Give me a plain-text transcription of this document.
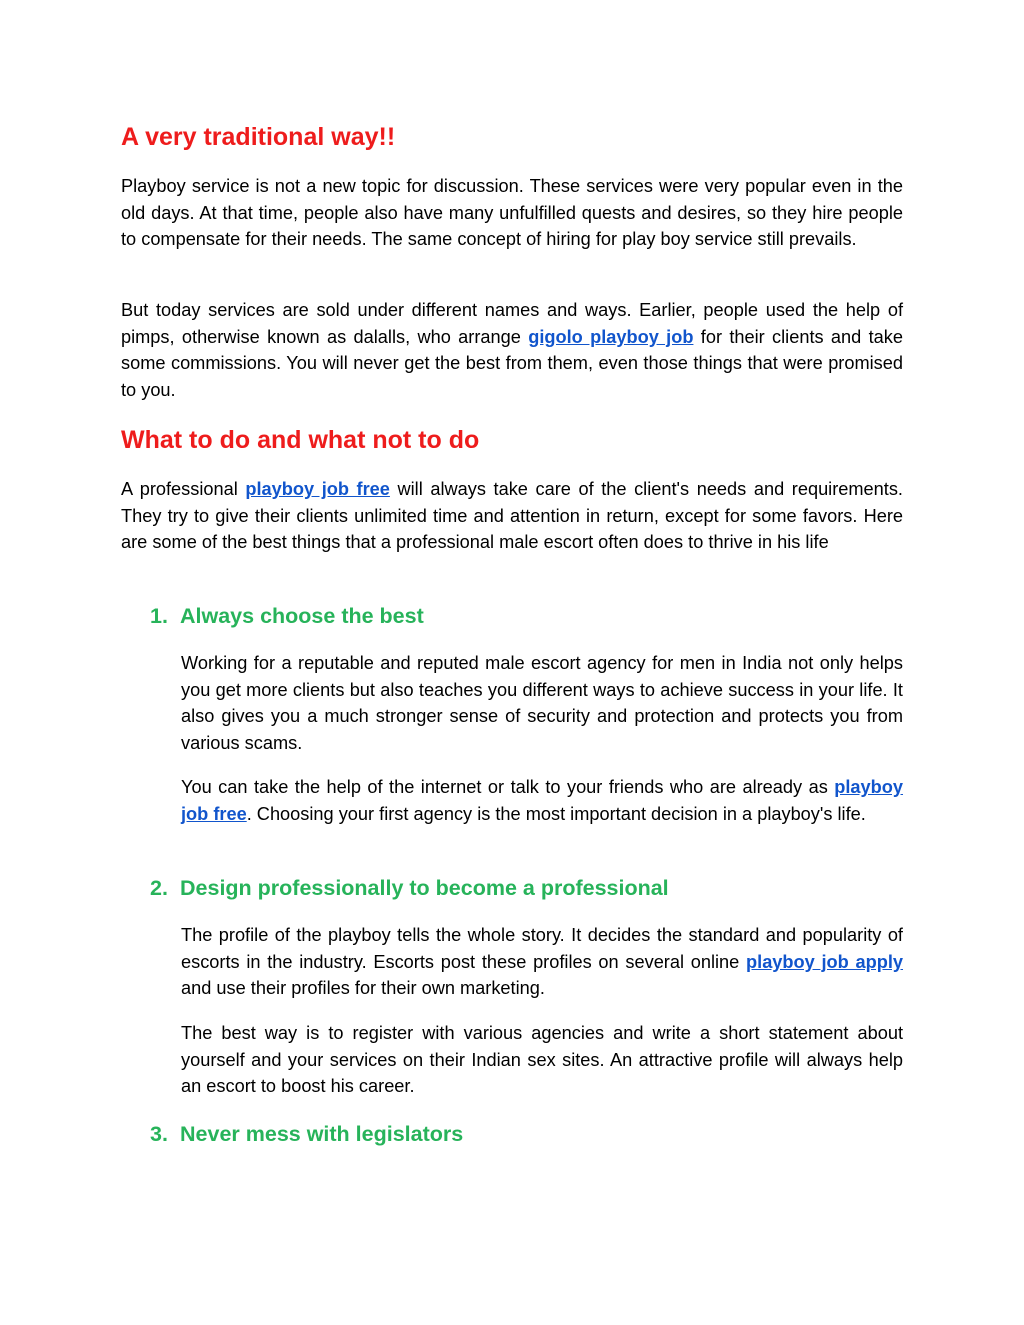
A very traditional way!!

Playboy service is not a new topic for discussion. These services were very popular even in the old days. At that time, people also have many unfulfilled quests and desires, so they hire people to compensate for their needs. The same concept of hiring for play boy service still prevails.

But today services are sold under different names and ways. Earlier, people used the help of pimps, otherwise known as dalalls, who arrange gigolo playboy job for their clients and take some commissions. You will never get the best from them, even those things that were promised to you.

What to do and what not to do

A professional playboy job free will always take care of the client's needs and requirements. They try to give their clients unlimited time and attention in return, except for some favors. Here are some of the best things that a professional male escort often does to thrive in his life

1. Always choose the best

Working for a reputable and reputed male escort agency for men in India not only helps you get more clients but also teaches you different ways to achieve success in your life. It also gives you a much stronger sense of security and protection and protects you from various scams.

You can take the help of the internet or talk to your friends who are already as playboy job free. Choosing your first agency is the most important decision in a playboy's life.

2. Design professionally to become a professional

The profile of the playboy tells the whole story. It decides the standard and popularity of escorts in the industry. Escorts post these profiles on several online playboy job apply and use their profiles for their own marketing.

The best way is to register with various agencies and write a short statement about yourself and your services on their Indian sex sites. An attractive profile will always help an escort to boost his career.

3. Never mess with legislators
